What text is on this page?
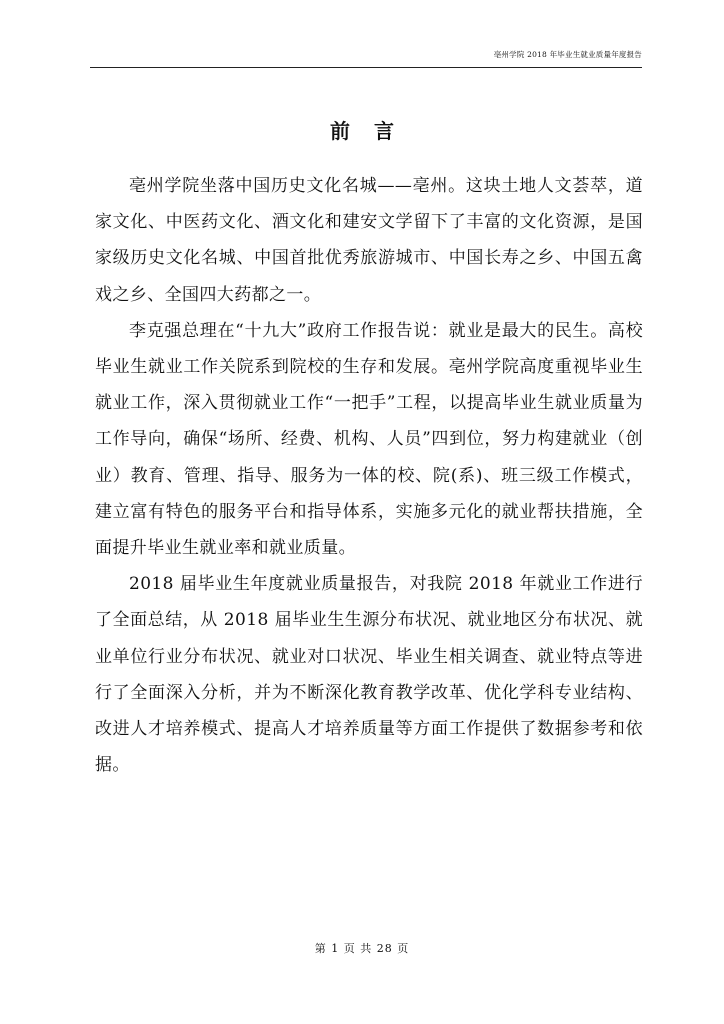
亳州学院 2018 年毕业生就业质量年度报告
前言

亳州学院坐落中国历史文化名城——亳州。这块土地人文荟萃，道家文化、中医药文化、酒文化和建安文学留下了丰富的文化资源，是国家级历史文化名城、中国首批优秀旅游城市、中国长寿之乡、中国五禽戏之乡、全国四大药都之一。

李克强总理在“十九大”政府工作报告说：就业是最大的民生。高校毕业生就业工作关院系到院校的生存和发展。亳州学院高度重视毕业生就业工作，深入贯彻就业工作“一把手”工程，以提高毕业生就业质量为工作导向，确保“场所、经费、机构、人员”四到位，努力构建就业（创业）教育、管理、指导、服务为一体的校、院(系)、班三级工作模式，建立富有特色的服务平台和指导体系，实施多元化的就业帮扶措施，全面提升毕业生就业率和就业质量。

2018 届毕业生年度就业质量报告，对我院 2018 年就业工作进行了全面总结，从 2018 届毕业生生源分布状况、就业地区分布状况、就业单位行业分布状况、就业对口状况、毕业生相关调查、就业特点等进行了全面深入分析，并为不断深化教育教学改革、优化学科专业结构、改进人才培养模式、提高人才培养质量等方面工作提供了数据参考和依据。

第 1 页 共 28 页
